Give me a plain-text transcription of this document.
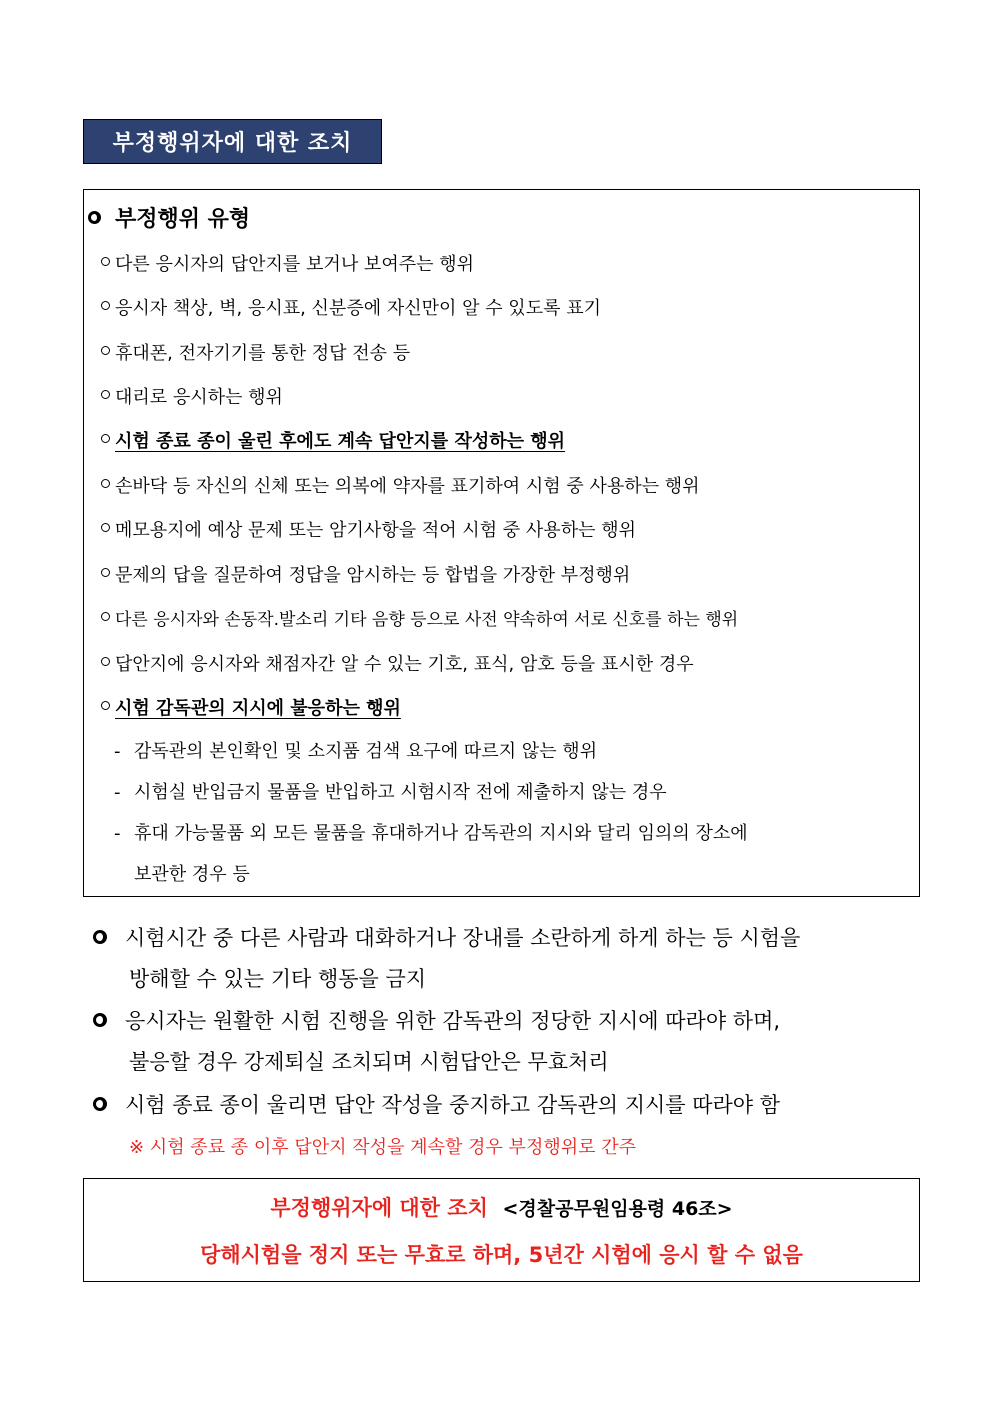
부정행위자에 대한 조치
부정행위 유형
다른 응시자의 답안지를 보거나 보여주는 행위
응시자 책상, 벽, 응시표, 신분증에 자신만이 알 수 있도록 표기
휴대폰, 전자기기를 통한 정답 전송 등
대리로 응시하는 행위
시험 종료 종이 울린 후에도 계속 답안지를 작성하는 행위
손바닥 등 자신의 신체 또는 의복에 약자를 표기하여 시험 중 사용하는 행위
메모용지에 예상 문제 또는 암기사항을 적어 시험 중 사용하는 행위
문제의 답을 질문하여 정답을 암시하는 등 합법을 가장한 부정행위
다른 응시자와 손동작.발소리 기타 음향 등으로 사전 약속하여 서로 신호를 하는 행위
답안지에 응시자와 채점자간 알 수 있는 기호, 표식, 암호 등을 표시한 경우
시험 감독관의 지시에 불응하는 행위
- 감독관의 본인확인 및 소지품 검색 요구에 따르지 않는 행위
- 시험실 반입금지 물품을 반입하고 시험시작 전에 제출하지 않는 경우
- 휴대 가능물품 외 모든 물품을 휴대하거나 감독관의 지시와 달리 임의의 장소에
보관한 경우 등
시험시간 중 다른 사람과 대화하거나 장내를 소란하게 하게 하는 등 시험을
방해할 수 있는 기타 행동을 금지
응시자는 원활한 시험 진행을 위한 감독관의 정당한 지시에 따라야 하며,
불응할 경우 강제퇴실 조치되며 시험답안은 무효처리
시험 종료 종이 울리면 답안 작성을 중지하고 감독관의 지시를 따라야 함
※ 시험 종료 종 이후 답안지 작성을 계속할 경우 부정행위로 간주
부정행위자에 대한 조치 <경찰공무원임용령 46조>
당해시험을 정지 또는 무효로 하며, 5년간 시험에 응시 할 수 없음
